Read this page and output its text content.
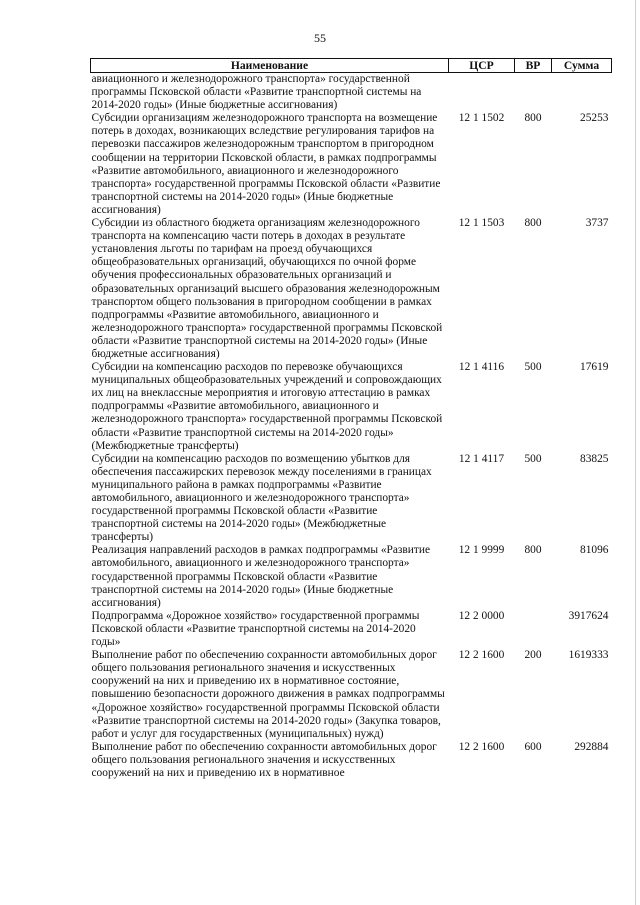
55
Наименование	ЦСР	ВР	Сумма
авиационного и железнодорожного транспорта» государственной программы Псковской области «Развитие транспортной системы на 2014-2020 годы» (Иные бюджетные ассигнования)			
Субсидии организациям железнодорожного транспорта на возмещение потерь в доходах, возникающих вследствие регулирования тарифов на перевозки пассажиров железнодорожным транспортом в пригородном сообщении на территории Псковской области, в рамках подпрограммы «Развитие автомобильного, авиационного и железнодорожного транспорта» государственной программы Псковской области «Развитие транспортной системы на 2014-2020 годы» (Иные бюджетные ассигнования)	12 1 1502	800	25253
Субсидии из областного бюджета организациям железнодорожного транспорта на компенсацию части потерь в доходах в результате установления льготы по тарифам на проезд обучающихся общеобразовательных организаций, обучающихся по очной форме обучения профессиональных образовательных организаций и образовательных организаций высшего образования железнодорожным транспортом общего пользования в пригородном сообщении в рамках подпрограммы «Развитие автомобильного, авиационного и железнодорожного транспорта» государственной программы Псковской области «Развитие транспортной системы на 2014-2020 годы» (Иные бюджетные ассигнования)	12 1 1503	800	3737
Субсидии на компенсацию расходов по перевозке обучающихся муниципальных общеобразовательных учреждений и сопровождающих их лиц на внеклассные мероприятия и итоговую аттестацию в рамках подпрограммы «Развитие автомобильного, авиационного и железнодорожного транспорта» государственной программы Псковской области «Развитие транспортной системы на 2014-2020 годы» (Межбюджетные трансферты)	12 1 4116	500	17619
Субсидии на компенсацию расходов по возмещению убытков для обеспечения пассажирских перевозок между поселениями в границах муниципального района в рамках подпрограммы «Развитие автомобильного, авиационного и железнодорожного транспорта» государственной программы Псковской области «Развитие транспортной системы на 2014-2020 годы» (Межбюджетные трансферты)	12 1 4117	500	83825
Реализация направлений расходов в рамках подпрограммы «Развитие автомобильного, авиационного и железнодорожного транспорта» государственной программы Псковской области «Развитие транспортной системы на 2014-2020 годы» (Иные бюджетные ассигнования)	12 1 9999	800	81096
Подпрограмма «Дорожное хозяйство» государственной программы Псковской области «Развитие транспортной системы на 2014-2020 годы»	12 2 0000		3917624
Выполнение работ по обеспечению сохранности автомобильных дорог общего пользования регионального значения и искусственных сооружений на них и приведению их в нормативное состояние, повышению безопасности дорожного движения в рамках подпрограммы «Дорожное хозяйство» государственной программы Псковской области «Развитие транспортной системы на 2014-2020 годы» (Закупка товаров, работ и услуг для государственных (муниципальных) нужд)	12 2 1600	200	1619333
Выполнение работ по обеспечению сохранности автомобильных дорог общего пользования регионального значения и искусственных сооружений на них и приведению их в нормативное	12 2 1600	600	292884
